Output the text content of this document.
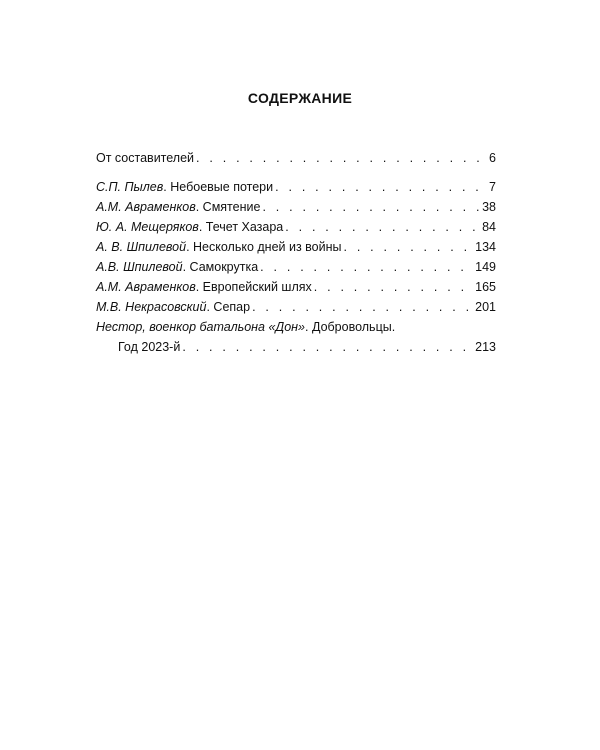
СОДЕРЖАНИЕ
От составителей . . .	6
С.П. Пылев. Небоевые потери . . .	7
А.М. Авраменков. Смятение . . .	38
Ю. А. Мещеряков. Течет Хазара . . .	84
А. В. Шпилевой. Несколько дней из войны . . .	134
А.В. Шпилевой. Самокрутка . . .	149
А.М. Авраменков. Европейский шлях . . .	165
М.В. Некрасовский. Сепар . . .	201
Нестор, военкор батальона «Дон». Добровольцы.
Год 2023-й . . .	213
